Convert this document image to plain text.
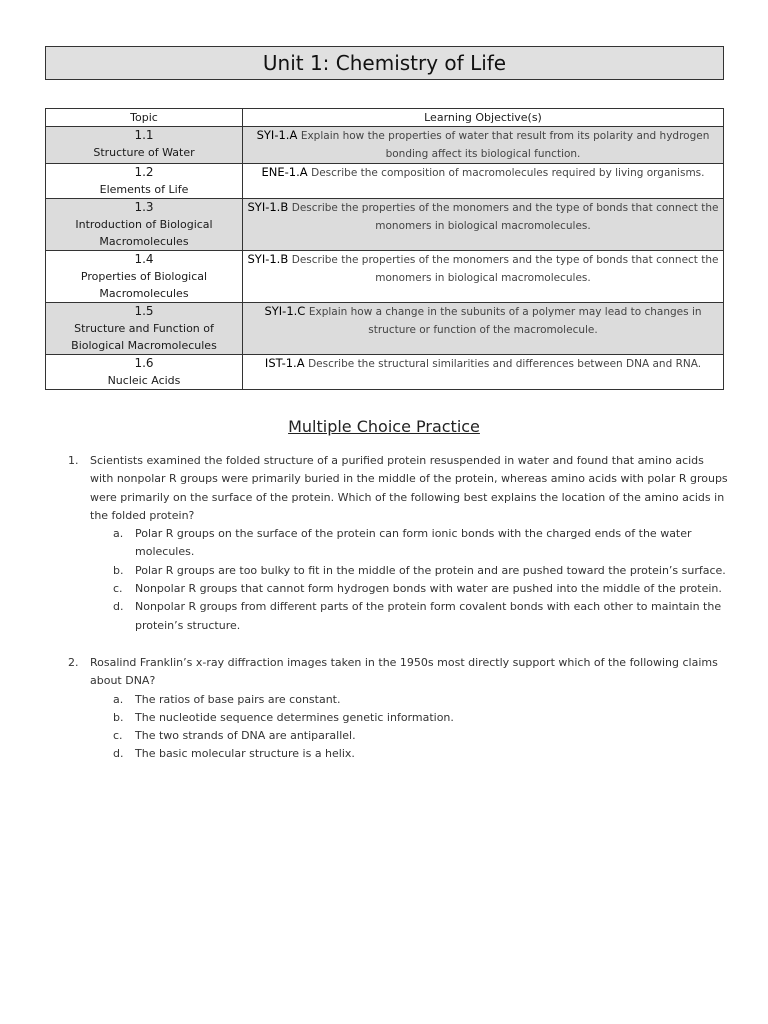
Unit 1: Chemistry of Life
Topic	Learning Objective(s)

1.1
Structure of Water	SYI-1.A Explain how the properties of water that result from its polarity and hydrogen bonding affect its biological function.

1.2
Elements of Life	ENE-1.A Describe the composition of macromolecules required by living organisms.

1.3
Introduction of Biological Macromolecules	SYI-1.B Describe the properties of the monomers and the type of bonds that connect the monomers in biological macromolecules.

1.4
Properties of Biological Macromolecules	SYI-1.B Describe the properties of the monomers and the type of bonds that connect the monomers in biological macromolecules.

1.5
Structure and Function of Biological Macromolecules	SYI-1.C Explain how a change in the subunits of a polymer may lead to changes in structure or function of the macromolecule.

1.6
Nucleic Acids	IST-1.A Describe the structural similarities and differences between DNA and RNA.
Multiple Choice Practice
1. Scientists examined the folded structure of a purified protein resuspended in water and found that amino acids with nonpolar R groups were primarily buried in the middle of the protein, whereas amino acids with polar R groups were primarily on the surface of the protein. Which of the following best explains the location of the amino acids in the folded protein?
a. Polar R groups on the surface of the protein can form ionic bonds with the charged ends of the water molecules.
b. Polar R groups are too bulky to fit in the middle of the protein and are pushed toward the protein’s surface.
c. Nonpolar R groups that cannot form hydrogen bonds with water are pushed into the middle of the protein.
d. Nonpolar R groups from different parts of the protein form covalent bonds with each other to maintain the protein’s structure.
2. Rosalind Franklin’s x-ray diffraction images taken in the 1950s most directly support which of the following claims about DNA?
a. The ratios of base pairs are constant.
b. The nucleotide sequence determines genetic information.
c. The two strands of DNA are antiparallel.
d. The basic molecular structure is a helix.
